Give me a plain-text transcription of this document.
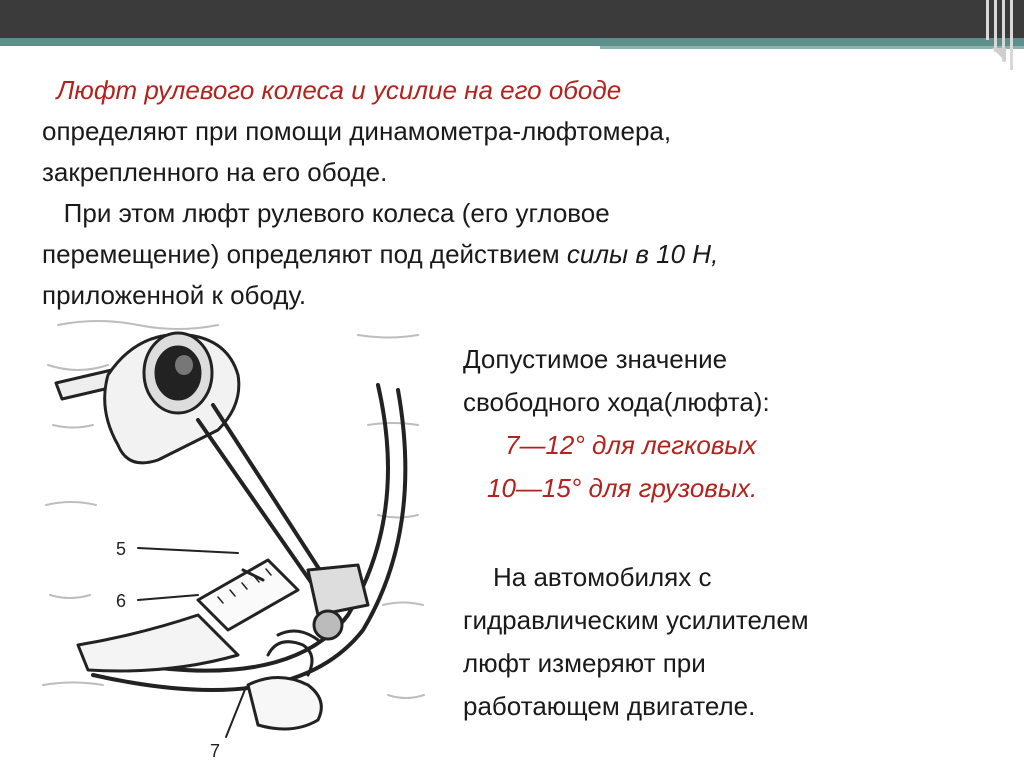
Люфт рулевого колеса и усилие на его ободе

определяют при помощи динамометра-люфтомера,

закрепленного на его ободе.

При этом люфт рулевого колеса (его угловое

перемещение) определяют под действием силы в 10 Н,

приложенной к ободу.

5
6
7

Допустимое значение

свободного хода(люфта):

7—12° для легковых

10—15° для грузовых.

На автомобилях с

гидравлическим усилителем

люфт измеряют при

работающем двигателе.
